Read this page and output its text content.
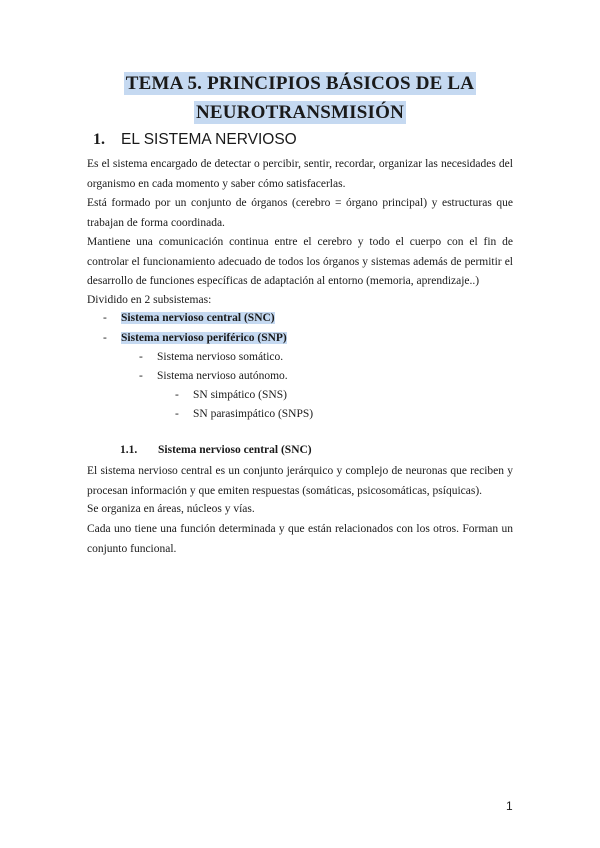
TEMA 5. PRINCIPIOS BÁSICOS DE LA
NEUROTRANSMISIÓN
1. EL SISTEMA NERVIOSO
Es el sistema encargado de detectar o percibir, sentir, recordar, organizar las necesidades del organismo en cada momento y saber cómo satisfacerlas.
Está formado por un conjunto de órganos (cerebro = órgano principal) y estructuras que trabajan de forma coordinada.
Mantiene una comunicación continua entre el cerebro y todo el cuerpo con el fin de controlar el funcionamiento adecuado de todos los órganos y sistemas además de permitir el desarrollo de funciones específicas de adaptación al entorno (memoria, aprendizaje..)
Dividido en 2 subsistemas:
- Sistema nervioso central (SNC)
- Sistema nervioso periférico (SNP)
- Sistema nervioso somático.
- Sistema nervioso autónomo.
- SN simpático (SNS)
- SN parasimpático (SNPS)
1.1. Sistema nervioso central (SNC)
El sistema nervioso central es un conjunto jerárquico y complejo de neuronas que reciben y procesan información y que emiten respuestas (somáticas, psicosomáticas, psíquicas).
Se organiza en áreas, núcleos y vías.
Cada uno tiene una función determinada y que están relacionados con los otros. Forman un conjunto funcional.
1
